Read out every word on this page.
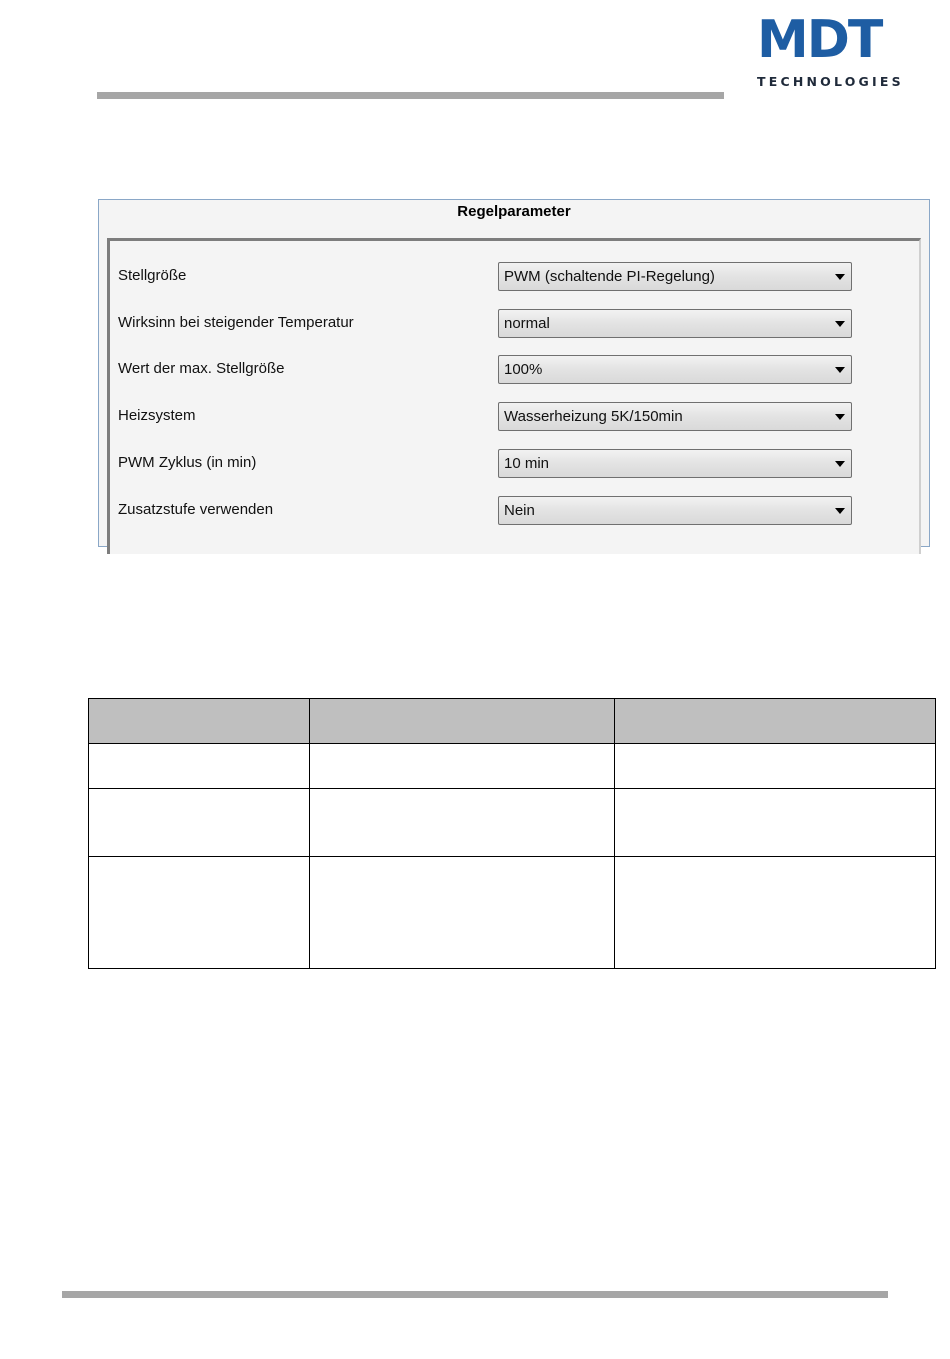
MDT
TECHNOLOGIES
Regelparameter
Stellgröße	PWM (schaltende PI-Regelung)
Wirksinn bei steigender Temperatur	normal
Wert der max. Stellgröße	100%
Heizsystem	Wasserheizung 5K/150min
PWM Zyklus (in min)	10 min
Zusatzstufe verwenden	Nein
